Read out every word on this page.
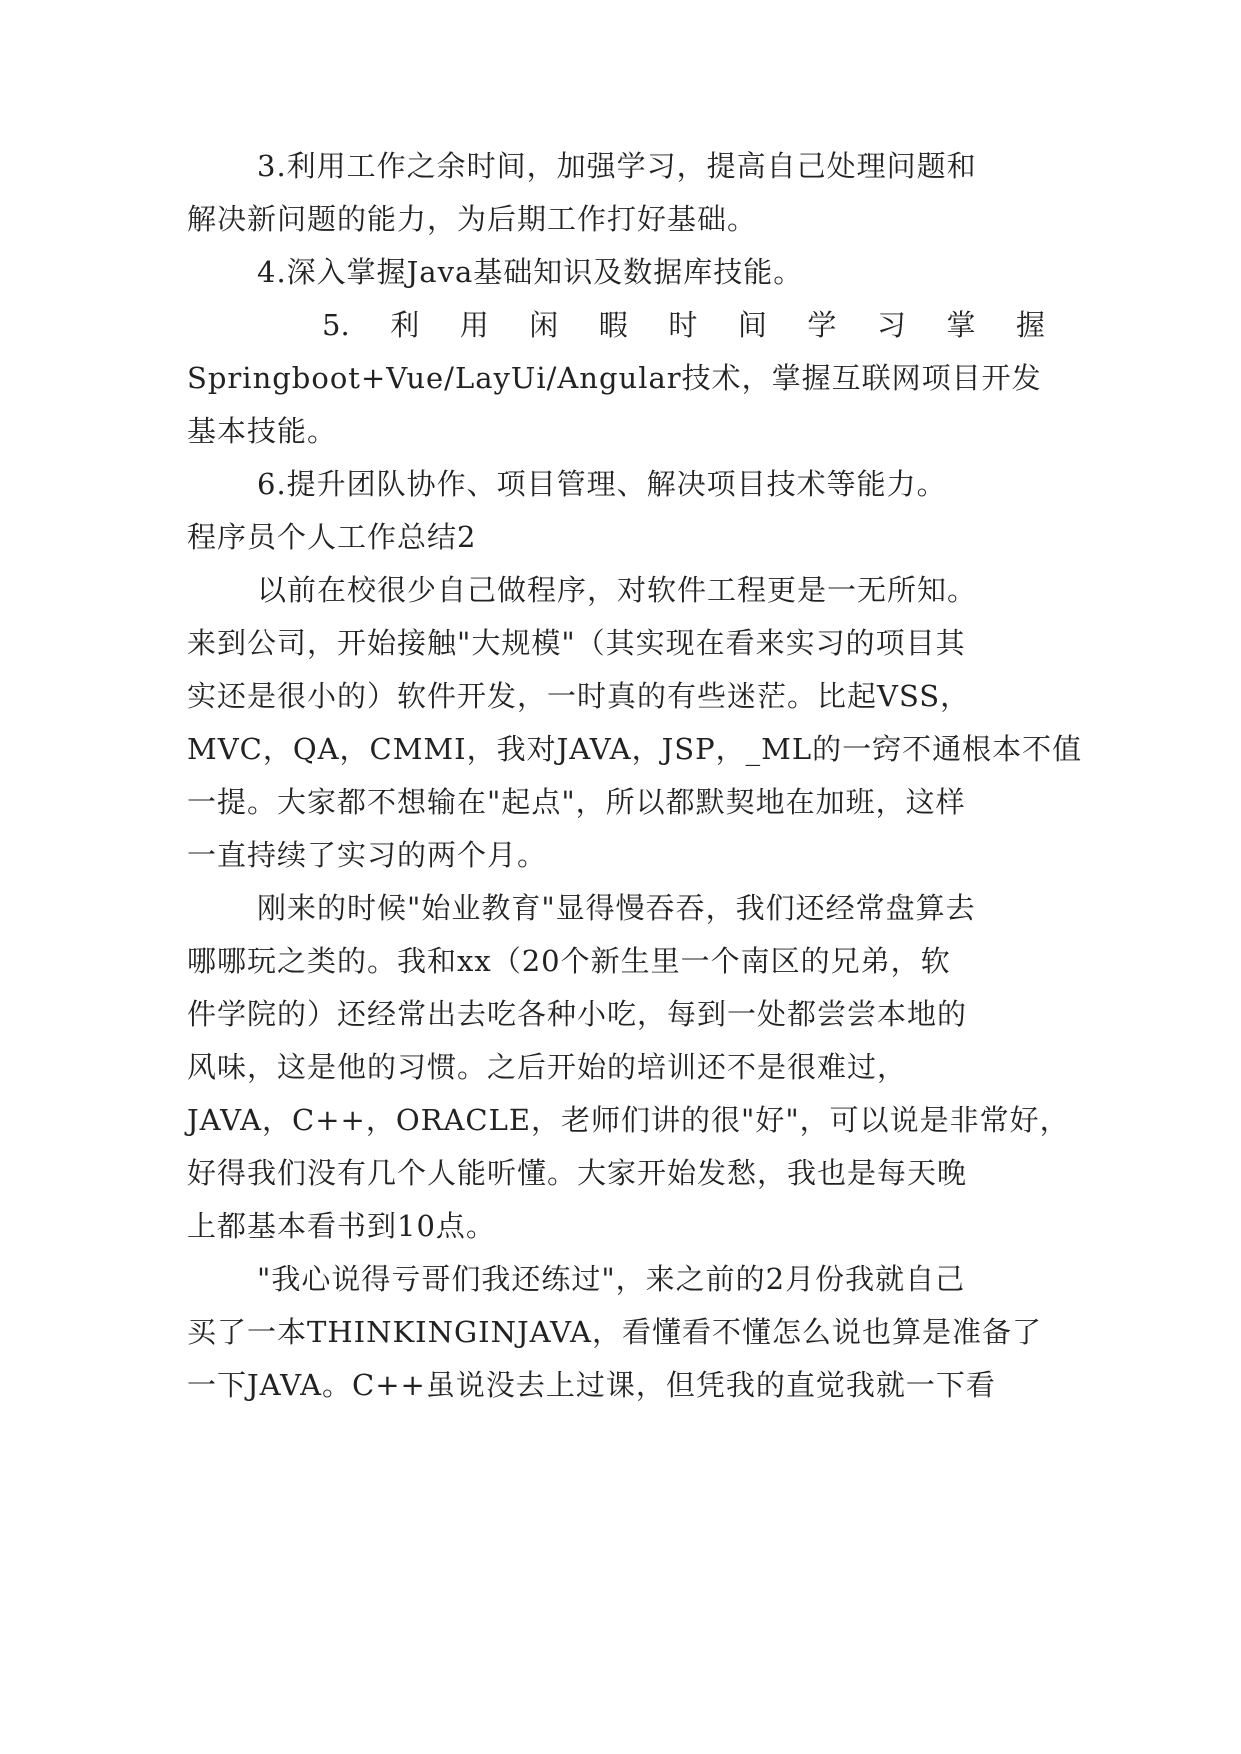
3.利用工作之余时间，加强学习，提高自己处理问题和
解决新问题的能力，为后期工作打好基础。
4.深入掌握Java基础知识及数据库技能。
5. 利 用 闲 暇 时 间 学 习 掌 握
Springboot+Vue/LayUi/Angular技术，掌握互联网项目开发
基本技能。
6.提升团队协作、项目管理、解决项目技术等能力。
程序员个人工作总结2
以前在校很少自己做程序，对软件工程更是一无所知。
来到公司，开始接触"大规模"（其实现在看来实习的项目其
实还是很小的）软件开发，一时真的有些迷茫。比起VSS，
MVC，QA，CMMI，我对JAVA，JSP，_ML的一窍不通根本不值
一提。大家都不想输在"起点"，所以都默契地在加班，这样
一直持续了实习的两个月。
刚来的时候"始业教育"显得慢吞吞，我们还经常盘算去
哪哪玩之类的。我和xx（20个新生里一个南区的兄弟，软
件学院的）还经常出去吃各种小吃，每到一处都尝尝本地的
风味，这是他的习惯。之后开始的培训还不是很难过，
JAVA，C++，ORACLE，老师们讲的很"好"，可以说是非常好，
好得我们没有几个人能听懂。大家开始发愁，我也是每天晚
上都基本看书到10点。
"我心说得亏哥们我还练过"，来之前的2月份我就自己
买了一本THINKINGINJAVA，看懂看不懂怎么说也算是准备了
一下JAVA。C++虽说没去上过课，但凭我的直觉我就一下看
